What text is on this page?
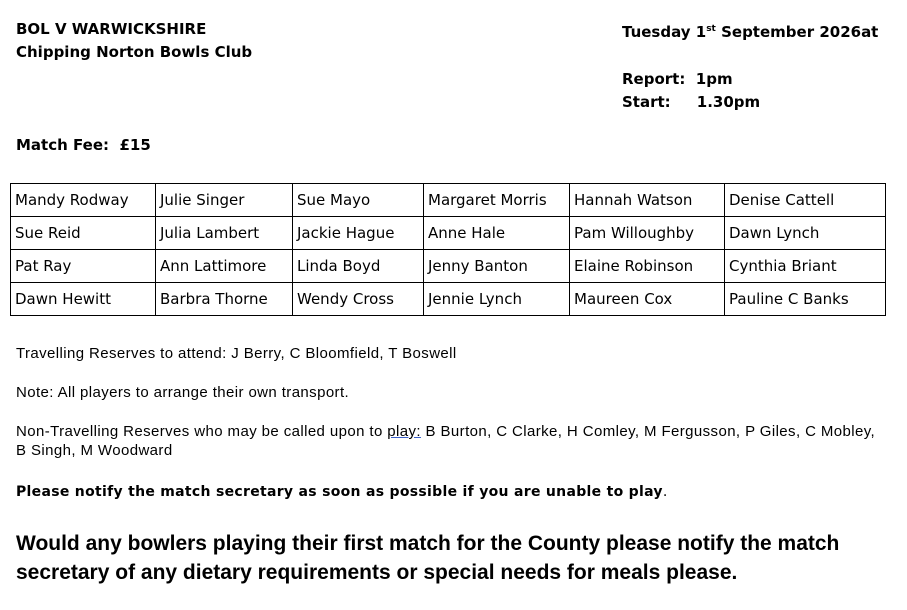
BOL V WARWICKSHIRE
Chipping Norton Bowls Club
Tuesday 1st September 2026at
Report: 1pm
Start: 1.30pm
Match Fee: £15
Mandy Rodway	Julie Singer	Sue Mayo	Margaret Morris	Hannah Watson	Denise Cattell
Sue Reid	Julia Lambert	Jackie Hague	Anne Hale	Pam Willoughby	Dawn Lynch
Pat Ray	Ann Lattimore	Linda Boyd	Jenny Banton	Elaine Robinson	Cynthia Briant
Dawn Hewitt	Barbra Thorne	Wendy Cross	Jennie Lynch	Maureen Cox	Pauline C Banks
Travelling Reserves to attend: J Berry, C Bloomfield, T Boswell
Note: All players to arrange their own transport.
Non-Travelling Reserves who may be called upon to play: B Burton, C Clarke, H Comley, M Fergusson, P Giles, C Mobley,
B Singh, M Woodward
Please notify the match secretary as soon as possible if you are unable to play.
Would any bowlers playing their first match for the County please notify the match secretary of any dietary requirements or special needs for meals please.
